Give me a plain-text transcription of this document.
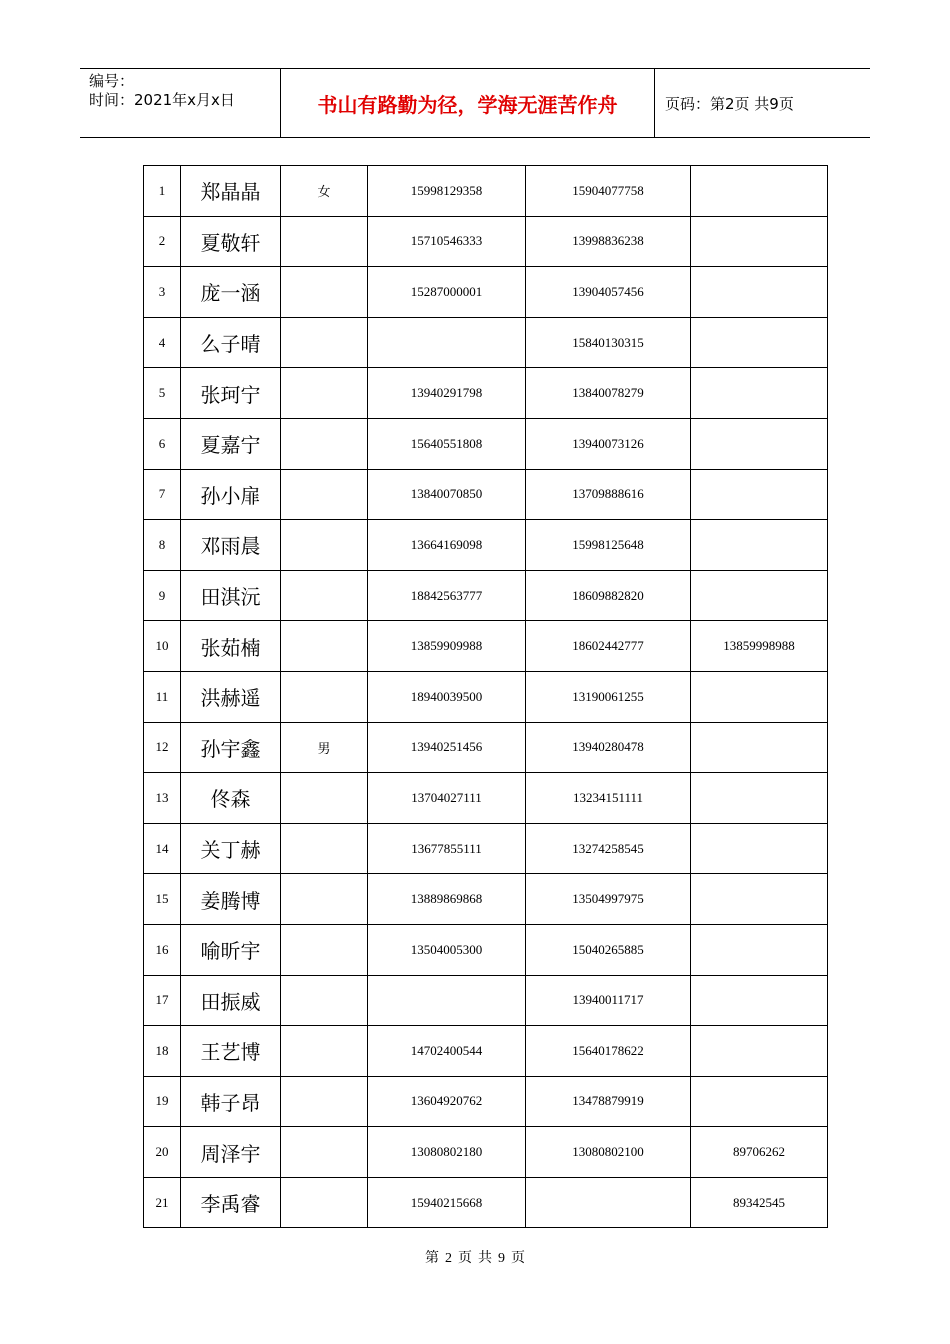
编号：
时间：2021年x月x日	书山有路勤为径，学海无涯苦作舟	页码：第2页 共9页
1	郑晶晶	女	15998129358	15904077758	
2	夏敬轩		15710546333	13998836238	
3	庞一涵		15287000001	13904057456	
4	么子晴			15840130315	
5	张珂宁		13940291798	13840078279	
6	夏嘉宁		15640551808	13940073126	
7	孙小扉		13840070850	13709888616	
8	邓雨晨		13664169098	15998125648	
9	田淇沅		18842563777	18609882820	
10	张茹楠		13859909988	18602442777	13859998988
11	洪赫遥		18940039500	13190061255	
12	孙宇鑫	男	13940251456	13940280478	
13	佟森		13704027111	13234151111	
14	关丁赫		13677855111	13274258545	
15	姜腾博		13889869868	13504997975	
16	喻昕宇		13504005300	15040265885	
17	田振威			13940011717	
18	王艺博		14702400544	15640178622	
19	韩子昂		13604920762	13478879919	
20	周泽宇		13080802180	13080802100	89706262
21	李禹睿		15940215668		89342545
第 2 页 共 9 页
